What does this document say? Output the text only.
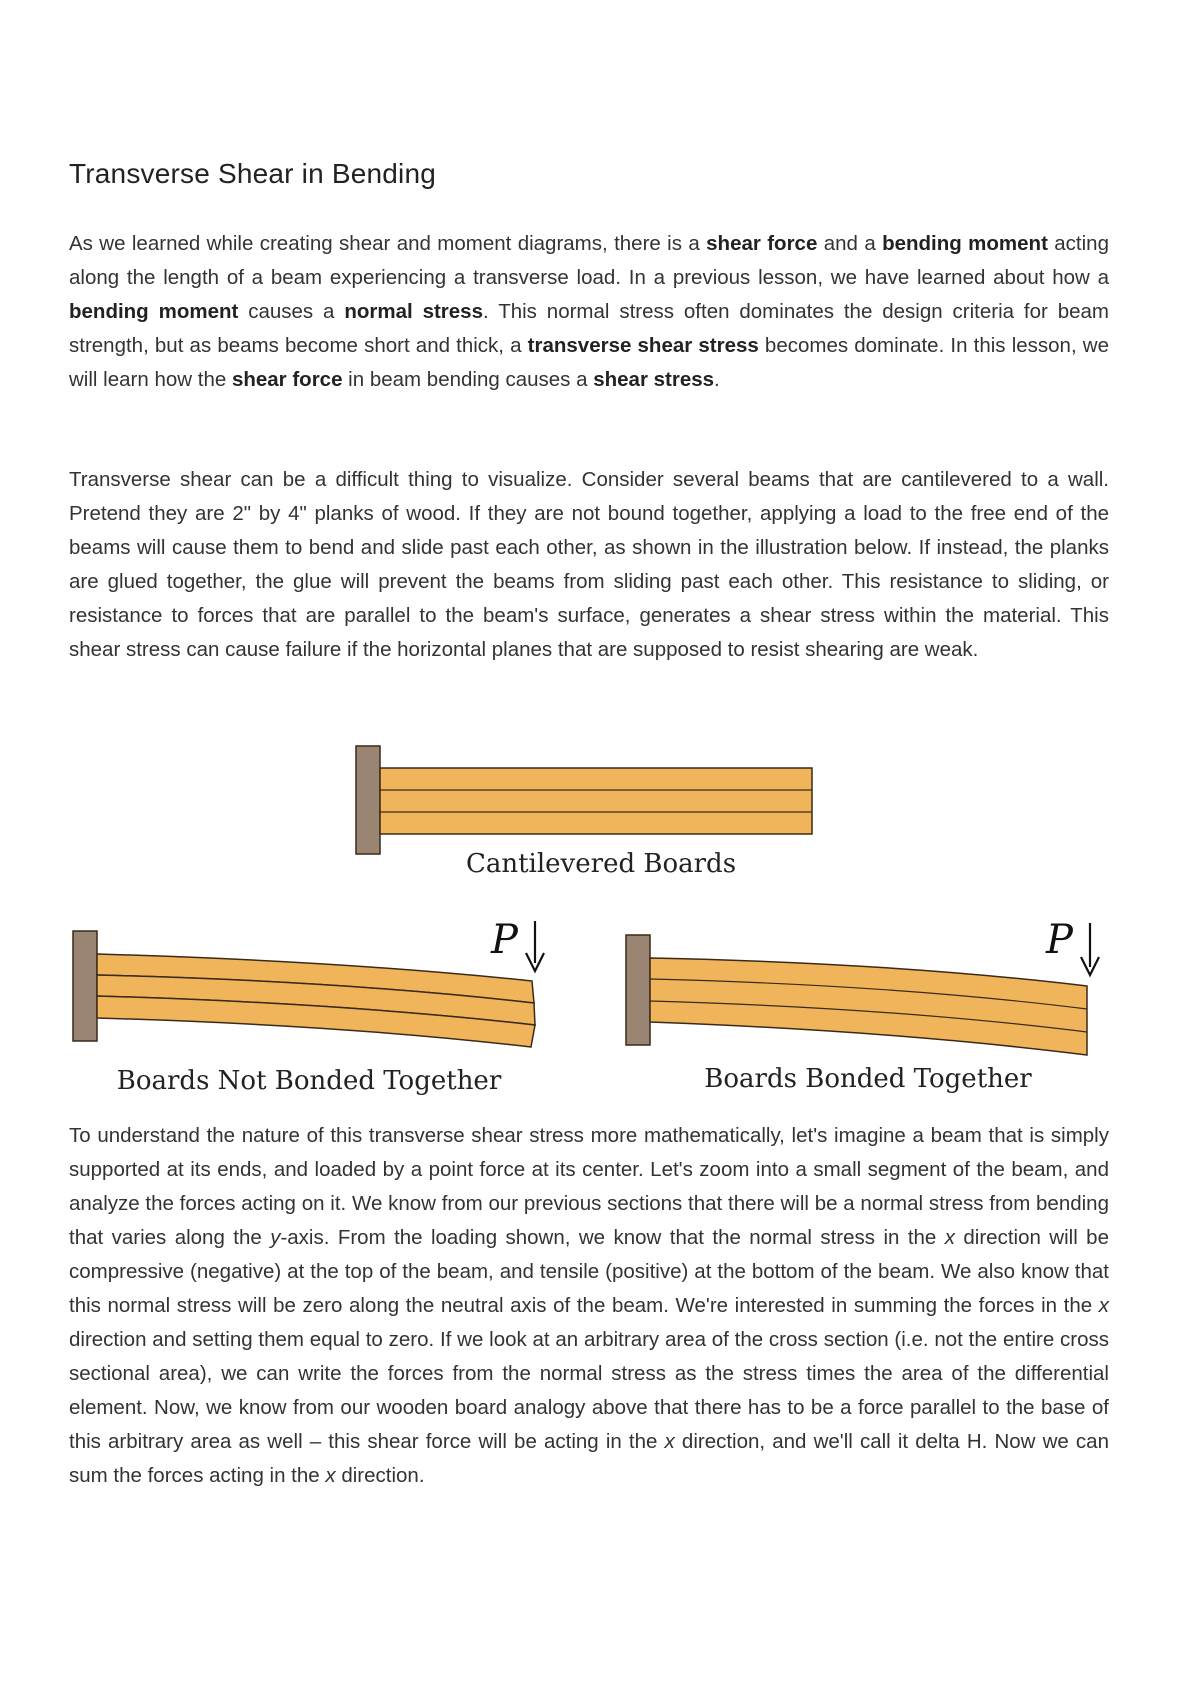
Transverse Shear in Bending

As we learned while creating shear and moment diagrams, there is a shear force and a bending moment acting along the length of a beam experiencing a transverse load. In a previous lesson, we have learned about how a bending moment causes a normal stress. This normal stress often dominates the design criteria for beam strength, but as beams become short and thick, a transverse shear stress becomes dominate. In this lesson, we will learn how the shear force in beam bending causes a shear stress.

Transverse shear can be a difficult thing to visualize. Consider several beams that are cantilevered to a wall. Pretend they are 2" by 4" planks of wood. If they are not bound together, applying a load to the free end of the beams will cause them to bend and slide past each other, as shown in the illustration below. If instead, the planks are glued together, the glue will prevent the beams from sliding past each other. This resistance to sliding, or resistance to forces that are parallel to the beam's surface, generates a shear stress within the material. This shear stress can cause failure if the horizontal planes that are supposed to resist shearing are weak.

To understand the nature of this transverse shear stress more mathematically, let's imagine a beam that is simply supported at its ends, and loaded by a point force at its center. Let's zoom into a small segment of the beam, and analyze the forces acting on it. We know from our previous sections that there will be a normal stress from bending that varies along the y-axis. From the loading shown, we know that the normal stress in the x direction will be compressive (negative) at the top of the beam, and tensile (positive) at the bottom of the beam. We also know that this normal stress will be zero along the neutral axis of the beam. We're interested in summing the forces in the x direction and setting them equal to zero. If we look at an arbitrary area of the cross section (i.e. not the entire cross sectional area), we can write the forces from the normal stress as the stress times the area of the differential element. Now, we know from our wooden board analogy above that there has to be a force parallel to the base of this arbitrary area as well – this shear force will be acting in the x direction, and we'll call it delta H. Now we can sum the forces acting in the x direction.

Cantilevered Boards
P
Boards Not Bonded Together
P
Boards Bonded Together
